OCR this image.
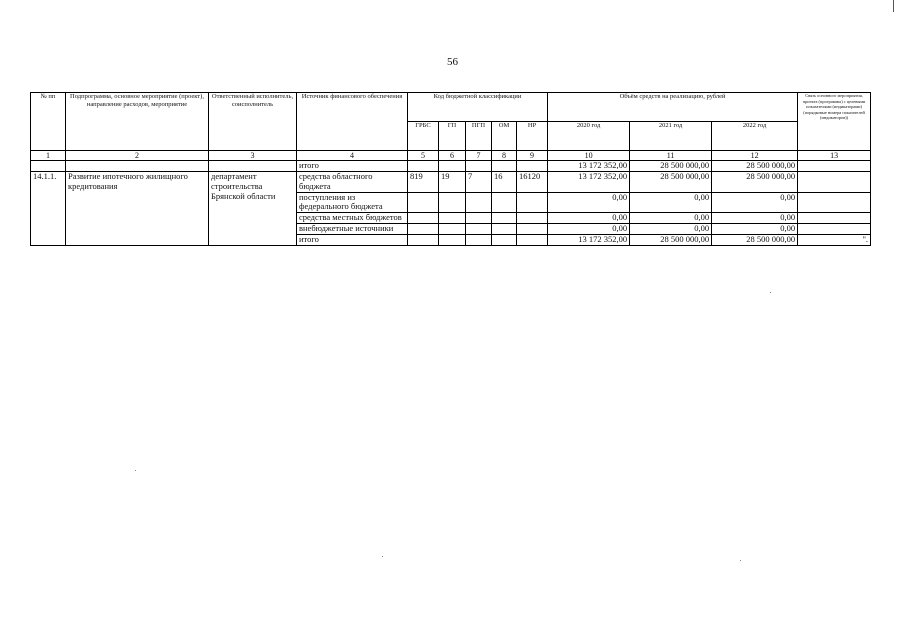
56
№ пп	Подпрограмма, основное мероприятие (проект), направление расходов, мероприятие	Ответственный исполнитель, соисполнитель	Источник финансового обеспечения	Код бюджетной классификации					Объём средств на реализацию, рублей			Связь основного мероприятия, проекта (программы) с целевыми показателями (индикаторами) (порядковые номера показателей (индикаторов))
				ГРБС	ГП	ПГП	ОМ	НР	2020 год	2021 год	2022 год	
1	2	3	4	5	6	7	8	9	10	11	12	13
			итого						13 172 352,00	28 500 000,00	28 500 000,00	
14.1.1.	Развитие ипотечного жилищного кредитования	департамент строительства Брянской области	средства областного бюджета	819	19	7	16	16120	13 172 352,00	28 500 000,00	28 500 000,00	
			поступления из федерального бюджета						0,00	0,00	0,00	
			средства местных бюджетов						0,00	0,00	0,00	
			внебюджетные источники						0,00	0,00	0,00	
			итого						13 172 352,00	28 500 000,00	28 500 000,00	".
